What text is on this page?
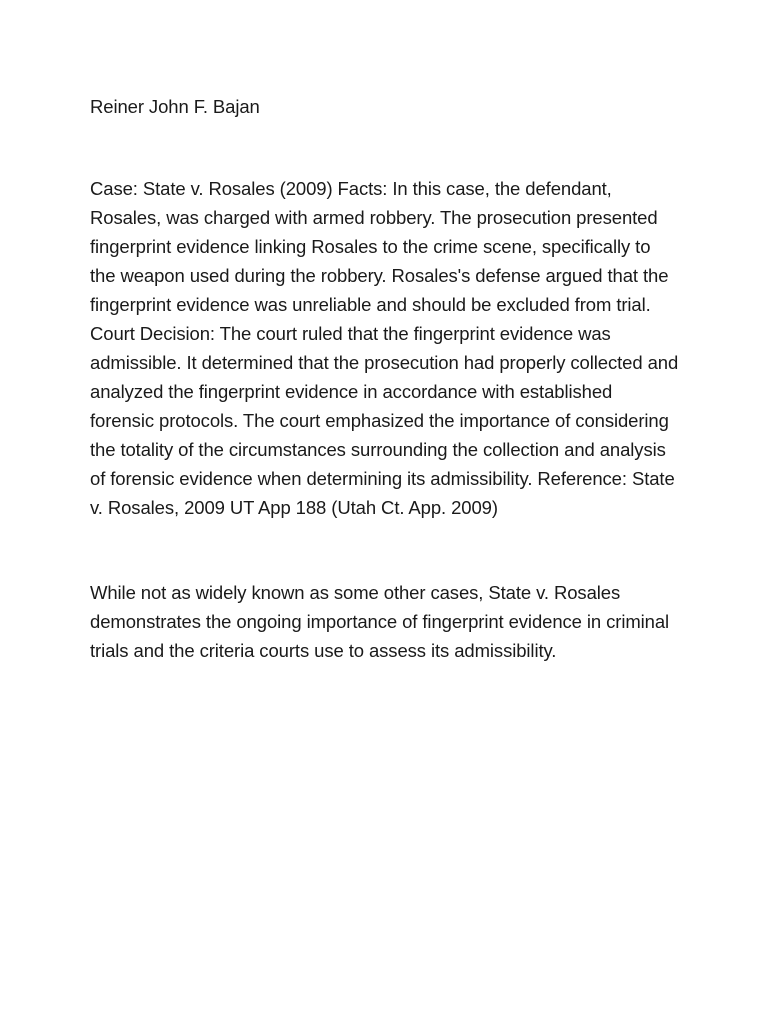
Reiner John F. Bajan

Case: State v. Rosales (2009) Facts: In this case, the defendant, Rosales, was charged with armed robbery. The prosecution presented fingerprint evidence linking Rosales to the crime scene, specifically to the weapon used during the robbery. Rosales's defense argued that the fingerprint evidence was unreliable and should be excluded from trial. Court Decision: The court ruled that the fingerprint evidence was admissible. It determined that the prosecution had properly collected and analyzed the fingerprint evidence in accordance with established forensic protocols. The court emphasized the importance of considering the totality of the circumstances surrounding the collection and analysis of forensic evidence when determining its admissibility. Reference: State v. Rosales, 2009 UT App 188 (Utah Ct. App. 2009)

While not as widely known as some other cases, State v. Rosales demonstrates the ongoing importance of fingerprint evidence in criminal trials and the criteria courts use to assess its admissibility.
